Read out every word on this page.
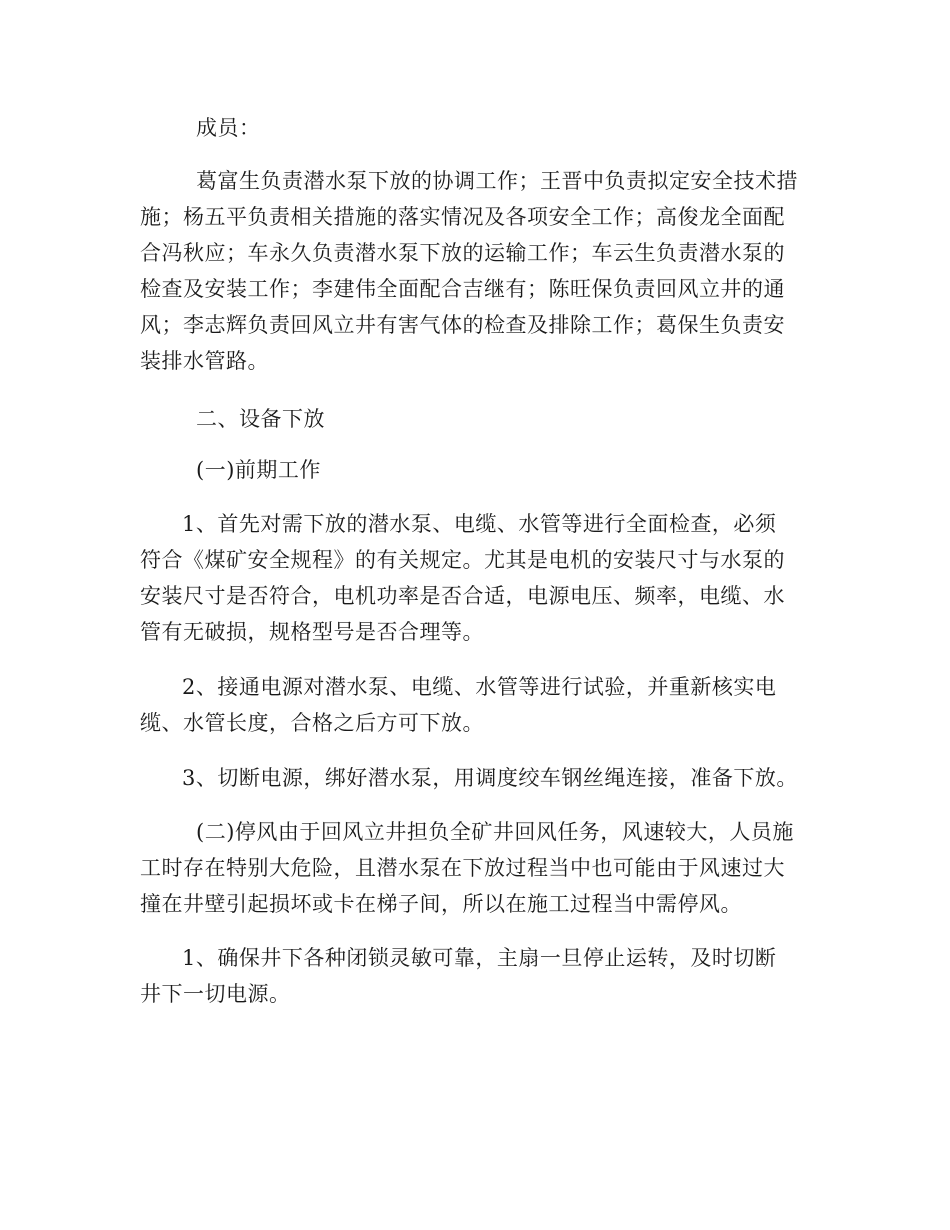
成员：

葛富生负责潜水泵下放的协调工作；王晋中负责拟定安全技术措
施；杨五平负责相关措施的落实情况及各项安全工作；高俊龙全面配
合冯秋应；车永久负责潜水泵下放的运输工作；车云生负责潜水泵的
检查及安装工作；李建伟全面配合吉继有；陈旺保负责回风立井的通
风；李志辉负责回风立井有害气体的检查及排除工作；葛保生负责安
装排水管路。

二、设备下放

(一)前期工作

1、首先对需下放的潜水泵、电缆、水管等进行全面检查，必须
符合《煤矿安全规程》的有关规定。尤其是电机的安装尺寸与水泵的
安装尺寸是否符合，电机功率是否合适，电源电压、频率，电缆、水
管有无破损，规格型号是否合理等。

2、接通电源对潜水泵、电缆、水管等进行试验，并重新核实电
缆、水管长度，合格之后方可下放。

3、切断电源，绑好潜水泵，用调度绞车钢丝绳连接，准备下放。

(二)停风由于回风立井担负全矿井回风任务，风速较大，人员施
工时存在特别大危险，且潜水泵在下放过程当中也可能由于风速过大
撞在井壁引起损坏或卡在梯子间，所以在施工过程当中需停风。

1、确保井下各种闭锁灵敏可靠，主扇一旦停止运转，及时切断
井下一切电源。
